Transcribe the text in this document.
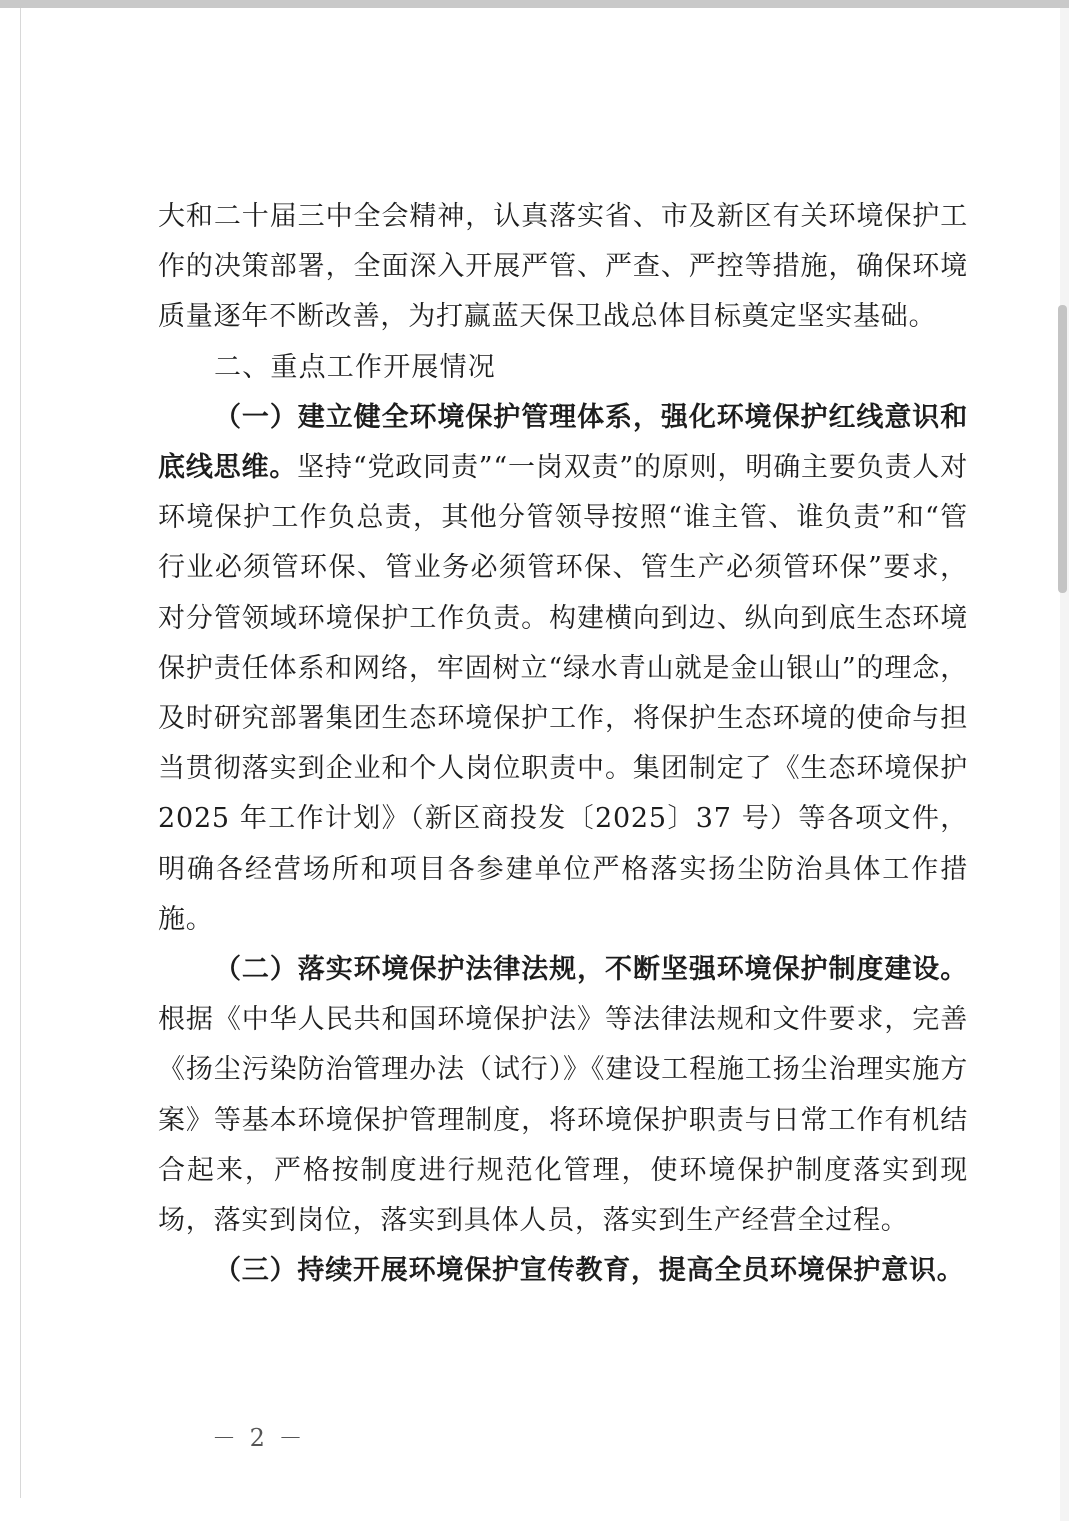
大和二十届三中全会精神，认真落实省、市及新区有关环境保护工作的决策部署，全面深入开展严管、严查、严控等措施，确保环境质量逐年不断改善，为打赢蓝天保卫战总体目标奠定坚实基础。

二、重点工作开展情况

（一）建立健全环境保护管理体系，强化环境保护红线意识和底线思维。坚持“党政同责”“一岗双责”的原则，明确主要负责人对环境保护工作负总责，其他分管领导按照“谁主管、谁负责”和“管行业必须管环保、管业务必须管环保、管生产必须管环保”要求，对分管领域环境保护工作负责。构建横向到边、纵向到底生态环境保护责任体系和网络，牢固树立“绿水青山就是金山银山”的理念，及时研究部署集团生态环境保护工作，将保护生态环境的使命与担当贯彻落实到企业和个人岗位职责中。集团制定了《生态环境保护 2025 年工作计划》（新区商投发〔2025〕37 号）等各项文件，明确各经营场所和项目各参建单位严格落实扬尘防治具体工作措施。

（二）落实环境保护法律法规，不断坚强环境保护制度建设。根据《中华人民共和国环境保护法》等法律法规和文件要求，完善《扬尘污染防治管理办法（试行）》《建设工程施工扬尘治理实施方案》等基本环境保护管理制度，将环境保护职责与日常工作有机结合起来，严格按制度进行规范化管理，使环境保护制度落实到现场，落实到岗位，落实到具体人员，落实到生产经营全过程。

（三）持续开展环境保护宣传教育，提高全员环境保护意识。

－ 2 －
